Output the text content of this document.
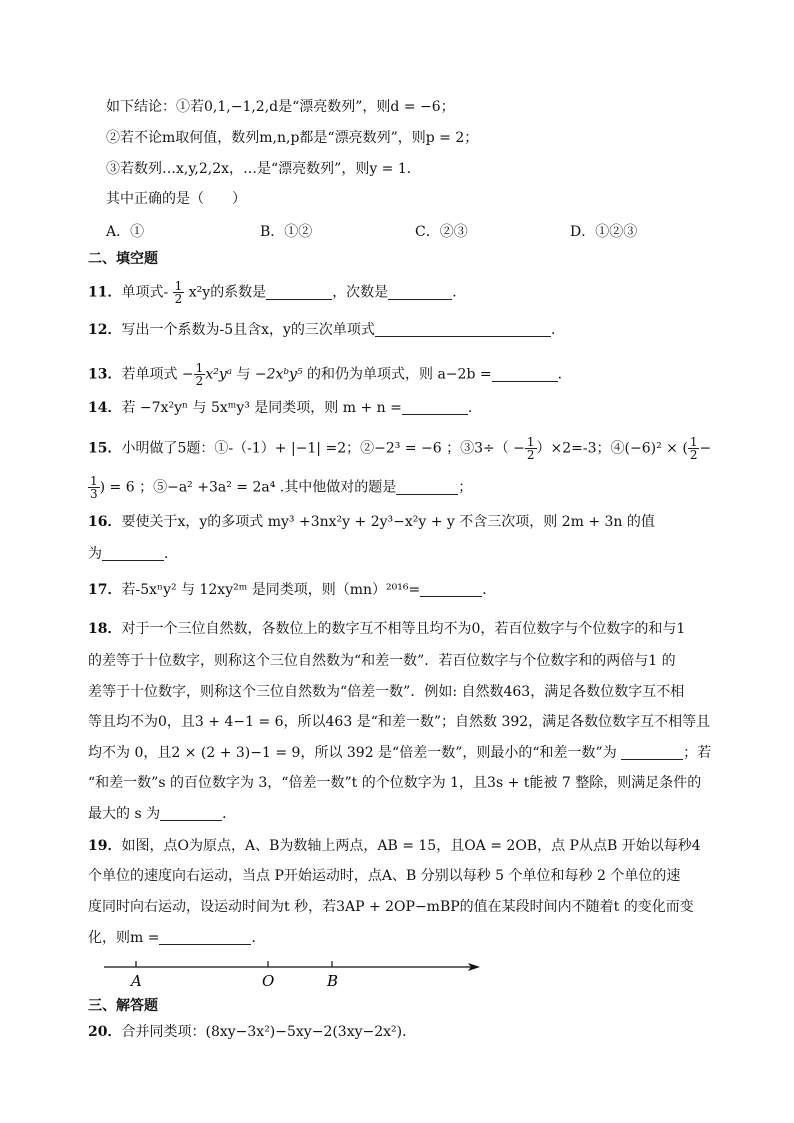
如下结论：①若0,1,−1,2,d是“漂亮数列”，则d = −6；
②若不论m取何值，数列m,n,p都是“漂亮数列”，则p = 2；
③若数列…x,y,2,2x，…是“漂亮数列”，则y = 1．
其中正确的是（　　）
A．①	B．①②	C．②③	D．①②③
二、填空题
11．单项式- $\frac{1}{2} x^2y$的系数是	，次数是	．
12．写出一个系数为-5且含x，y的三次单项式	.
13．若单项式 − $\frac{1}{2}$ x²yᵃ 与 −2xᵇy⁵ 的和仍为单项式，则 a−2b =	．
14．若 −7x²yⁿ 与 5xᵐy³ 是同类项，则 m + n =	.
15．小明做了5题：①-（-1）+ |−1| =2；②−2³ = −6 ；③3÷（ − $\frac{1}{2} )\times 2=-3$；④(−6)² × ( $\frac{1}{2}$ −
$\frac{1}{3}$ ) = 6 ；⑤−a² +3a² = 2a⁴ .其中他做对的题是	；
16．要使关于x，y的多项式 my³ +3nx²y + 2y³−x²y + y 不含三次项，则 2m + 3n 的值
为	．
17．若-5xⁿy² 与 12xy²ᵐ 是同类项，则（mn）²⁰¹⁶=	．
18．对于一个三位自然数，各数位上的数字互不相等且均不为0，若百位数字与个位数字的和与1
的差等于十位数字，则称这个三位自然数为“和差一数”．若百位数字与个位数字和的两倍与1 的
差等于十位数字，则称这个三位自然数为“倍差一数”．例如: 自然数463，满足各数位数字互不相
等且均不为0，且3 + 4−1 = 6，所以463 是“和差一数”；自然数 392，满足各数位数字互不相等且
均不为 0，且2 × (2 + 3)−1 = 9，所以 392 是“倍差一数”，则最小的“和差一数”为	；若
“和差一数”s 的百位数字为 3，“倍差一数”t 的个位数字为 1，且3s + t能被 7 整除，则满足条件的
最大的 s 为	．
19．如图，点O为原点，A、B为数轴上两点，AB = 15，且OA = 2OB，点 P从点B 开始以每秒4
个单位的速度向右运动，当点 P开始运动时，点A、B 分别以每秒 5 个单位和每秒 2 个单位的速
度同时向右运动，设运动时间为t 秒，若3AP + 2OP−mBP的值在某段时间内不随着t 的变化而变
化，则m =	．
A	O	B
三、解答题
20．合并同类项：(8xy−3x²)−5xy−2(3xy−2x²)．
